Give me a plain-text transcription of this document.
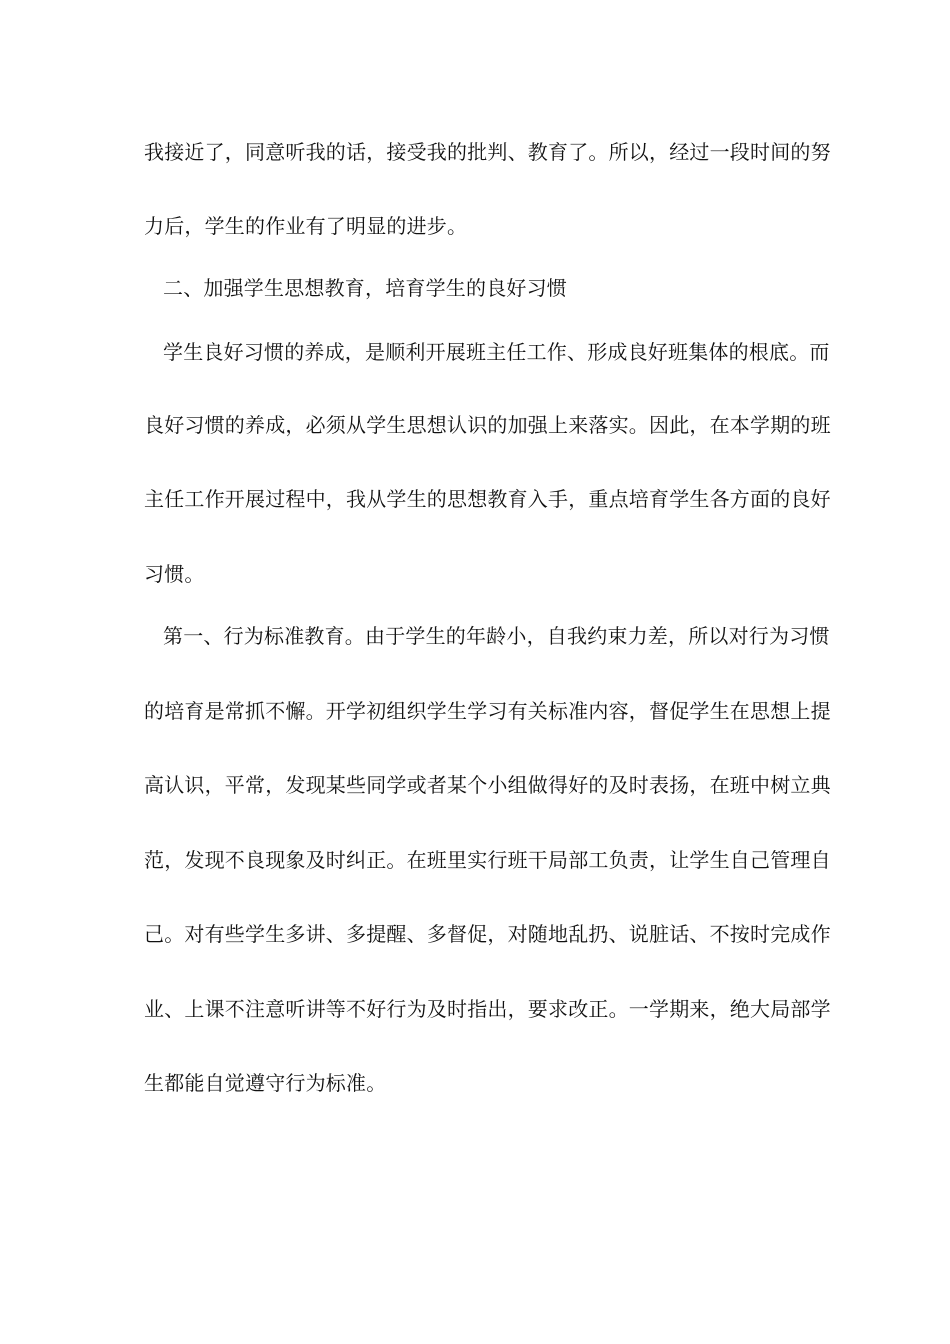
我接近了，同意听我的话，接受我的批判、教育了。所以，经过一段时间的努
力后，学生的作业有了明显的进步。
二、加强学生思想教育，培育学生的良好习惯
学生良好习惯的养成，是顺利开展班主任工作、形成良好班集体的根底。而
良好习惯的养成，必须从学生思想认识的加强上来落实。因此，在本学期的班
主任工作开展过程中，我从学生的思想教育入手，重点培育学生各方面的良好
习惯。
第一、行为标准教育。由于学生的年龄小，自我约束力差，所以对行为习惯
的培育是常抓不懈。开学初组织学生学习有关标准内容，督促学生在思想上提
高认识，平常，发现某些同学或者某个小组做得好的及时表扬，在班中树立典
范，发现不良现象及时纠正。在班里实行班干局部工负责，让学生自己管理自
己。对有些学生多讲、多提醒、多督促，对随地乱扔、说脏话、不按时完成作
业、上课不注意听讲等不好行为及时指出，要求改正。一学期来，绝大局部学
生都能自觉遵守行为标准。
